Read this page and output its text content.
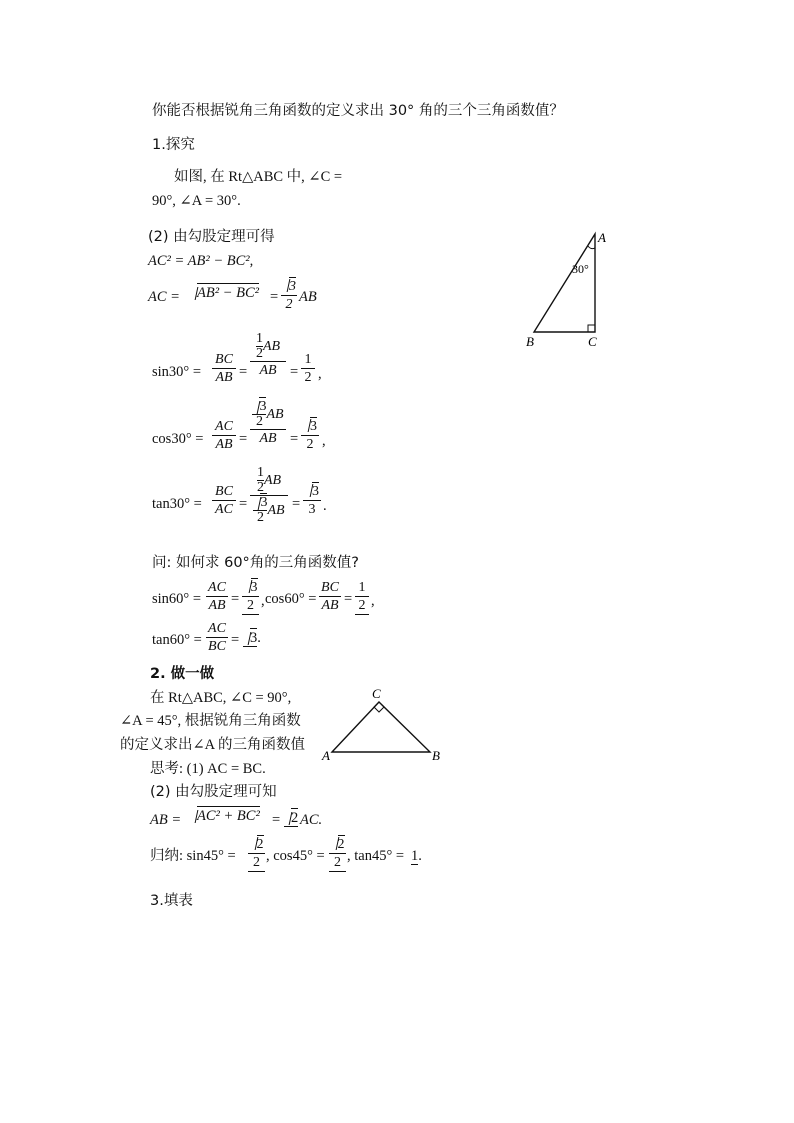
你能否根据锐角三角函数的定义求出 30° 角的三个三角函数值？
1.探究
如图, 在 Rt△ABC 中, ∠C =
90°, ∠A = 30°.
(2) 由勾股定理可得
AC² = AB² − BC²,
AC =	AB² − BC² =
3
2 AB
sin30° =
BC
AB =
$\frac{1}{2}$ AB
AB =
1
2 ,
cos30° =
AC
AB =
$\frac{3}{2}$ AB
AB =
3
2 ,
tan30° =
BC
AC =
$\frac{1}{2}$ AB
$\frac{3}{2}$ AB =
3
3 .
问: 如何求 60°角的三角函数值?
sin60° =
AC
AB =
3
2 , cos60° =
BC
AB =
1
2 ,
tan60° =
AC
BC = 3.
2. 做一做
在 Rt△ABC, ∠C = 90°,
∠A = 45°, 根据锐角三角函数
的定义求出∠A 的三角函数值
思考: (1) AC = BC.
(2) 由勾股定理可知
AB =	AC² + BC² = 2 AC.
归纳: sin45° =
2
2 , cos45° =
2
2 , tan45° = 1.
3.填表
A
B	C
30°
A	B
C
